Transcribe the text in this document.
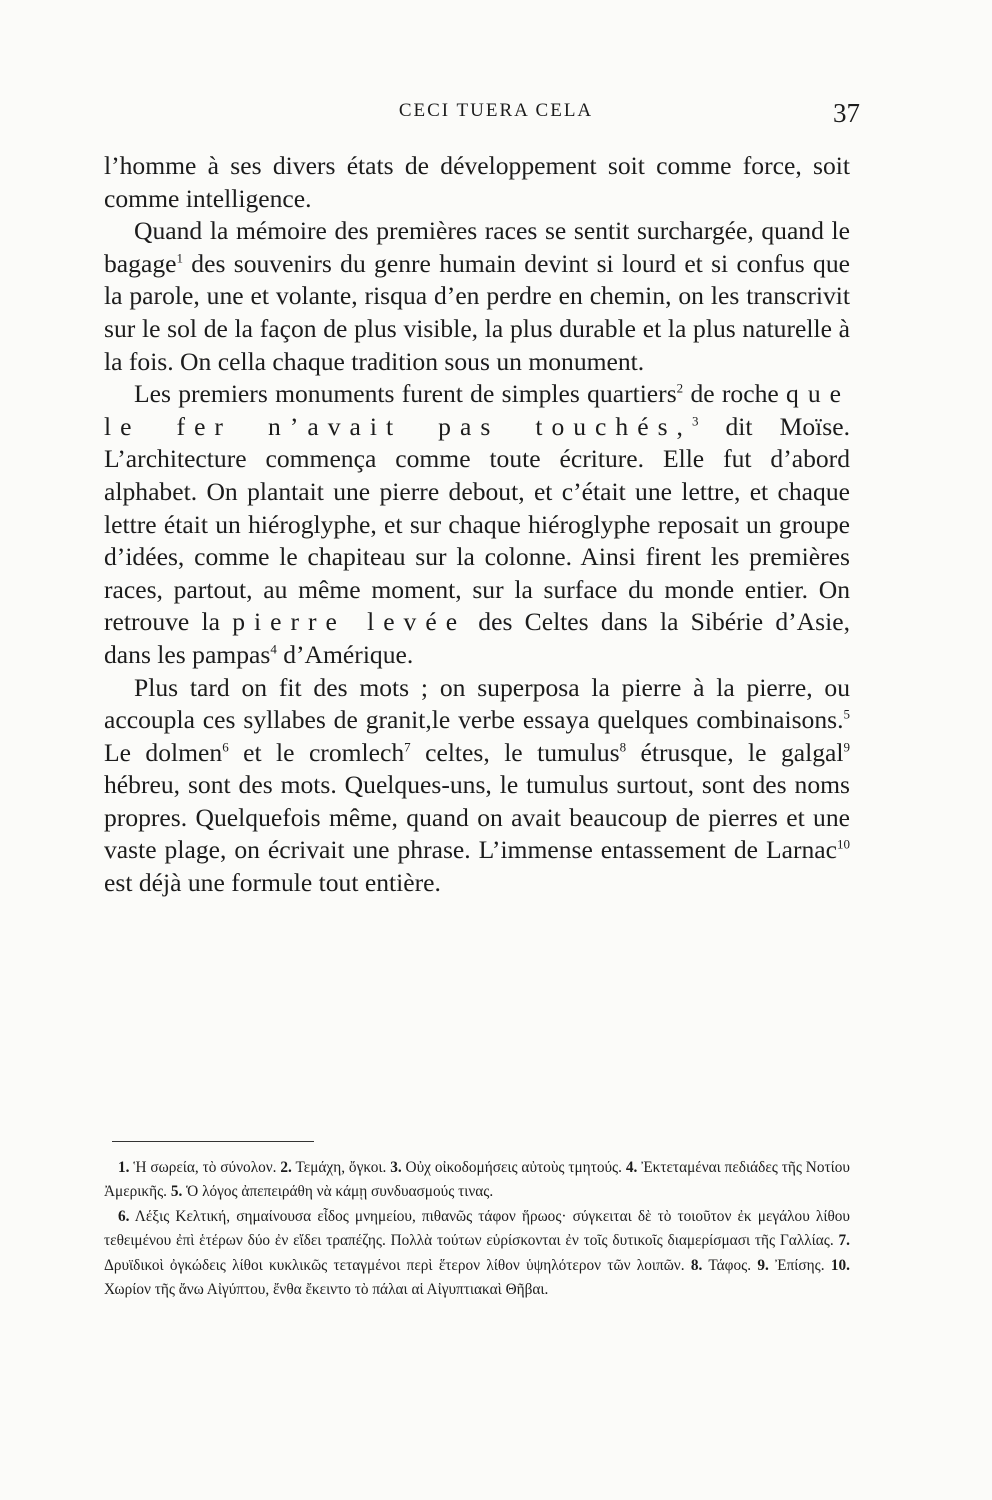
CECI TUERA CELA	37

l’homme à ses divers états de développement soit comme force, soit comme intelligence.

Quand la mémoire des premières races se sentit surchargée, quand le bagage$^1$ des souvenirs du genre humain devint si lourd et si confus que la parole, une et volante, risqua d’en perdre en chemin, on les transcrivit sur le sol de la façon de plus visible, la plus durable et la plus naturelle à la fois. On cella chaque tradition sous un monument.

Les premiers monuments furent de simples quartiers$^2$ de roche que le fer n’avait pas touchés,$^3$ dit Moïse. L’architecture commença comme toute écriture. Elle fut d’abord alphabet. On plantait une pierre debout, et c’était une lettre, et chaque lettre était un hiéroglyphe, et sur chaque hiéroglyphe reposait un groupe d’idées, comme le chapiteau sur la colonne. Ainsi firent les premières races, partout, au même moment, sur la surface du monde entier. On retrouve la pierre levée des Celtes dans la Sibérie d’Asie, dans les pampas$^4$ d’Amérique.

Plus tard on fit des mots ; on superposa la pierre à la pierre, ou accoupla ces syllabes de granit,le verbe essaya quelques combinaisons.$^5$ Le dolmen$^6$ et le cromlech$^7$ celtes, le tumulus$^8$ étrusque, le galgal$^9$ hébreu, sont des mots. Quelques-uns, le tumulus surtout, sont des noms propres. Quelquefois même, quand on avait beaucoup de pierres et une vaste plage, on écrivait une phrase. L’immense entassement de Larnac$^{10}$ est déjà une formule tout entière.

1. Ἡ σωρεία, τὸ σύνολον. 2. Τεμάχη, ὄγκοι. 3. Οὐχ οἰκοδομήσεις αὐτοὺς τμητούς. 4. Ἐκτεταμέναι πεδιάδες τῆς Νοτίου Ἀμερικῆς. 5. Ὁ λόγος ἀπεπειράθη νὰ κάμῃ συνδυασμούς τινας.

6. Λέξις Κελτική, σημαίνουσα εἶδος μνημείου, πιθανῶς τάφον ἥρωος· σύγκειται δὲ τὸ τοιοῦτον ἐκ μεγάλου λίθου τεθειμένου ἐπὶ ἑτέρων δύο ἐν εἴδει τραπέζης. Πολλὰ τούτων εὑρίσκονται ἐν τοῖς δυτικοῖς διαμερίσμασι τῆς Γαλλίας. 7. Δρυϊδικοὶ ὀγκώδεις λίθοι κυκλικῶς τεταγμένοι περὶ ἕτερον λίθον ὑψηλότερον τῶν λοιπῶν. 8. Τάφος. 9. Ἐπίσης. 10. Χωρίον τῆς ἄνω Αἰγύπτου, ἔνθα ἔκειντο τὸ πάλαι αἱ Αἰγυπτιακαὶ Θῆβαι.
